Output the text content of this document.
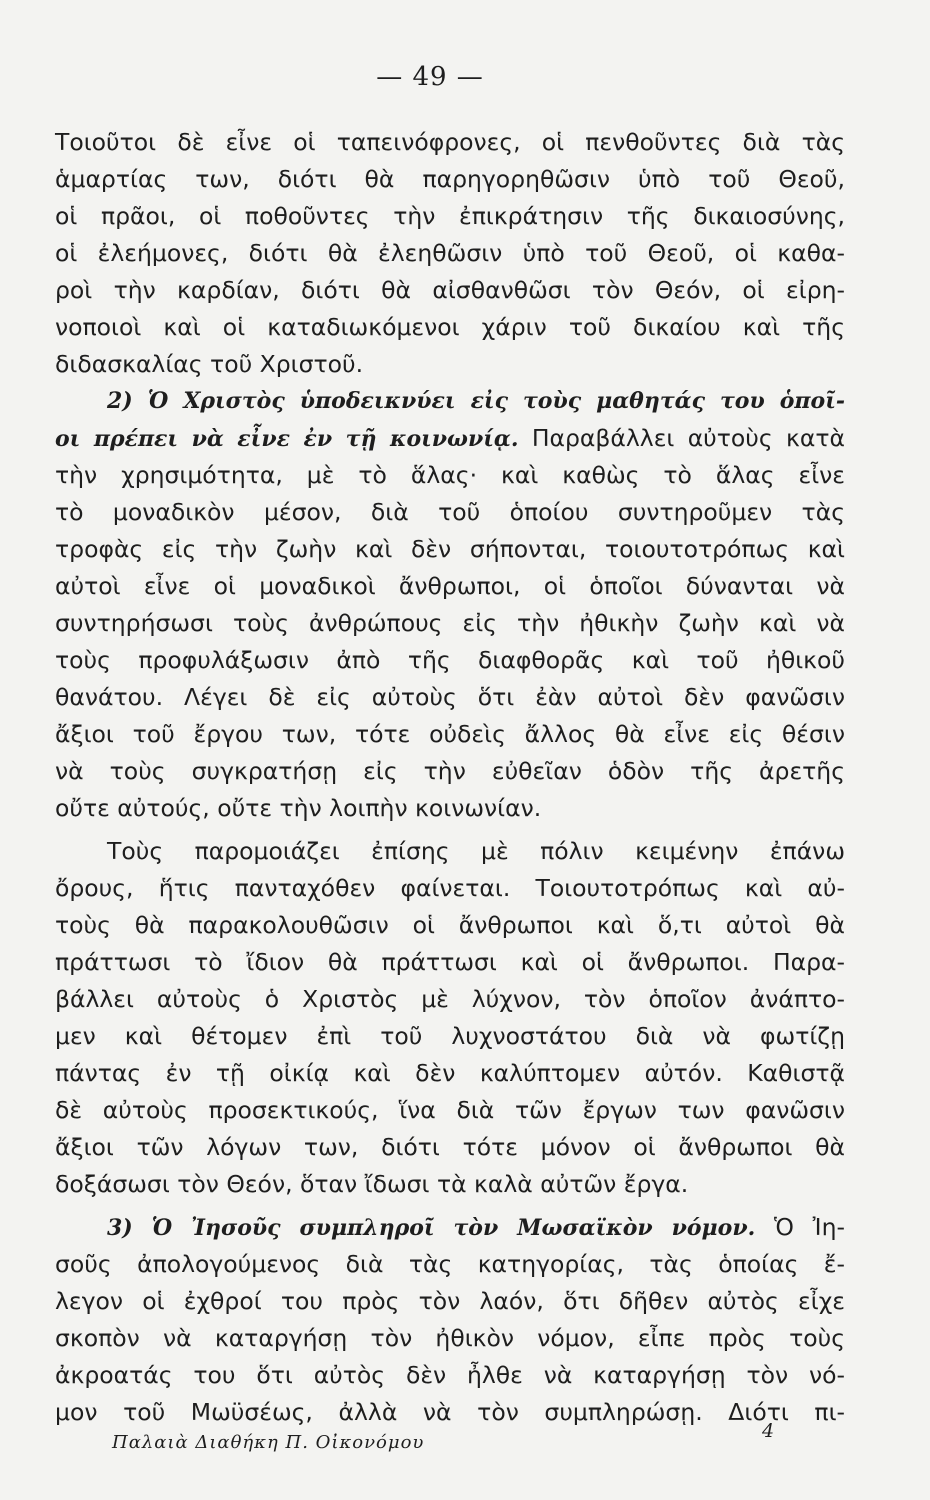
— 49 —
Τοιοῦτοι δὲ εἶνε οἱ ταπεινόφρονες, οἱ πενθοῦντες διὰ τὰς
ἁμαρτίας των, διότι θὰ παρηγορηθῶσιν ὑπὸ τοῦ Θεοῦ,
οἱ πρᾶοι, οἱ ποθοῦντες τὴν ἐπικράτησιν τῆς δικαιοσύνης,
οἱ ἐλεήμονες, διότι θὰ ἐλεηθῶσιν ὑπὸ τοῦ Θεοῦ, οἱ καθα-
ροὶ τὴν καρδίαν, διότι θὰ αἰσθανθῶσι τὸν Θεόν, οἱ εἰρη-
νοποιοὶ καὶ οἱ καταδιωκόμενοι χάριν τοῦ δικαίου καὶ τῆς
διδασκαλίας τοῦ Χριστοῦ.
2) Ὁ Χριστὸς ὑποδεικνύει εἰς τοὺς μαθητάς του ὁποῖ-
οι πρέπει νὰ εἶνε ἐν τῇ κοινωνίᾳ. Παραβάλλει αὐτοὺς κατὰ
τὴν χρησιμότητα, μὲ τὸ ἅλας· καὶ καθὼς τὸ ἅλας εἶνε
τὸ μοναδικὸν μέσον, διὰ τοῦ ὁποίου συντηροῦμεν τὰς
τροφὰς εἰς τὴν ζωὴν καὶ δὲν σήπονται, τοιουτοτρόπως καὶ
αὐτοὶ εἶνε οἱ μοναδικοὶ ἄνθρωποι, οἱ ὁποῖοι δύνανται νὰ
συντηρήσωσι τοὺς ἀνθρώπους εἰς τὴν ἠθικὴν ζωὴν καὶ νὰ
τοὺς προφυλάξωσιν ἀπὸ τῆς διαφθορᾶς καὶ τοῦ ἠθικοῦ
θανάτου. Λέγει δὲ εἰς αὐτοὺς ὅτι ἐὰν αὐτοὶ δὲν φανῶσιν
ἄξιοι τοῦ ἔργου των, τότε οὐδεὶς ἄλλος θὰ εἶνε εἰς θέσιν
νὰ τοὺς συγκρατήσῃ εἰς τὴν εὐθεῖαν ὁδὸν τῆς ἀρετῆς
οὔτε αὐτούς, οὔτε τὴν λοιπὴν κοινωνίαν.
Τοὺς παρομοιάζει ἐπίσης μὲ πόλιν κειμένην ἐπάνω
ὄρους, ἥτις πανταχόθεν φαίνεται. Τοιουτοτρόπως καὶ αὐ-
τοὺς θὰ παρακολουθῶσιν οἱ ἄνθρωποι καὶ ὅ,τι αὐτοὶ θὰ
πράττωσι τὸ ἴδιον θὰ πράττωσι καὶ οἱ ἄνθρωποι. Παρα-
βάλλει αὐτοὺς ὁ Χριστὸς μὲ λύχνον, τὸν ὁποῖον ἀνάπτο-
μεν καὶ θέτομεν ἐπὶ τοῦ λυχνοστάτου διὰ νὰ φωτίζῃ
πάντας ἐν τῇ οἰκίᾳ καὶ δὲν καλύπτομεν αὐτόν. Καθιστᾷ
δὲ αὐτοὺς προσεκτικούς, ἵνα διὰ τῶν ἔργων των φανῶσιν
ἄξιοι τῶν λόγων των, διότι τότε μόνον οἱ ἄνθρωποι θὰ
δοξάσωσι τὸν Θεόν, ὅταν ἴδωσι τὰ καλὰ αὐτῶν ἔργα.
3) Ὁ Ἰησοῦς συμπληροῖ τὸν Μωσαϊκὸν νόμον. Ὁ Ἰη-
σοῦς ἀπολογούμενος διὰ τὰς κατηγορίας, τὰς ὁποίας ἔ-
λεγον οἱ ἐχθροί του πρὸς τὸν λαόν, ὅτι δῆθεν αὐτὸς εἶχε
σκοπὸν νὰ καταργήσῃ τὸν ἠθικὸν νόμον, εἶπε πρὸς τοὺς
ἀκροατάς του ὅτι αὐτὸς δὲν ἦλθε νὰ καταργήσῃ τὸν νό-
μον τοῦ Μωϋσέως, ἀλλὰ νὰ τὸν συμπληρώσῃ. Διότι πι-
Παλαιὰ Διαθήκη Π. Οἰκονόμου
4
